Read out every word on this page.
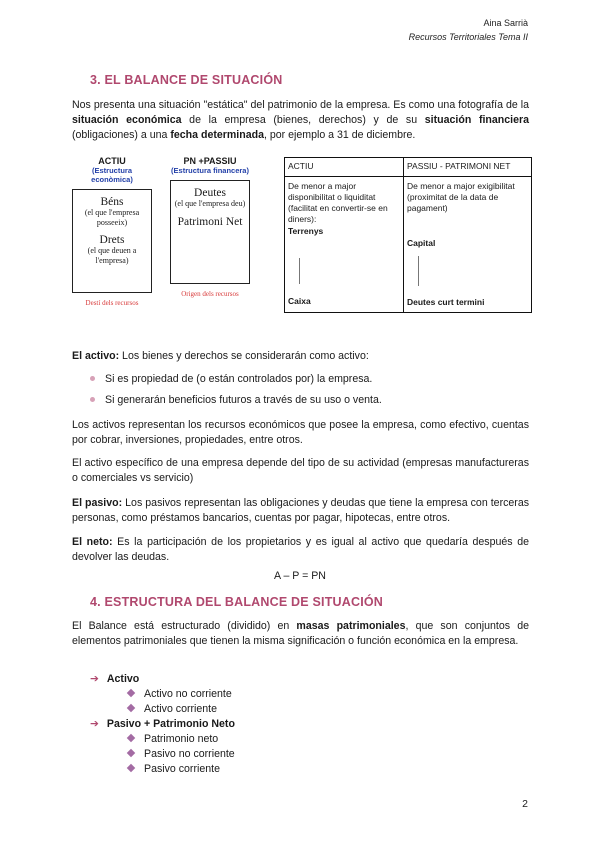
Aina Sarrià
Recursos Territoriales Tema II
3. EL BALANCE DE SITUACIÓN
Nos presenta una situación "estática" del patrimonio de la empresa. Es como una fotografía de la situación económica de la empresa (bienes, derechos) y de su situación financiera (obligaciones) a una fecha determinada, por ejemplo a 31 de diciembre.
ACTIU
(Estructura econòmica)
Béns
(el que l'empresa posseeix)
Drets
(el que deuen a l'empresa)
Destí dels recursos
PN +PASSIU
(Estructura financera)
Deutes
(el que l'empresa deu)
Patrimoni Net
Origen dels recursos
ACTIU	PASSIU - PATRIMONI NET
De menor a major disponibilitat o liquiditat (facilitat en convertir-se en diners):
Terrenys
Caixa
De menor a major exigibilitat (proximitat de la data de pagament)
Capital
Deutes curt termini
El activo: Los bienes y derechos se considerarán como activo:
Si es propiedad de (o están controlados por) la empresa.
Si generarán beneficios futuros a través de su uso o venta.
Los activos representan los recursos económicos que posee la empresa, como efectivo, cuentas por cobrar, inversiones, propiedades, entre otros.
El activo específico de una empresa depende del tipo de su actividad (empresas manufactureras o comerciales vs servicio)
El pasivo: Los pasivos representan las obligaciones y deudas que tiene la empresa con terceras personas, como préstamos bancarios, cuentas por pagar, hipotecas, entre otros.
El neto: Es la participación de los propietarios y es igual al activo que quedaría después de devolver las deudas.
A – P = PN
4. ESTRUCTURA DEL BALANCE DE SITUACIÓN
El Balance está estructurado (dividido) en masas patrimoniales, que son conjuntos de elementos patrimoniales que tienen la misma significación o función económica en la empresa.
➔ Activo
Activo no corriente
Activo corriente
➔ Pasivo + Patrimonio Neto
Patrimonio neto
Pasivo no corriente
Pasivo corriente
2
